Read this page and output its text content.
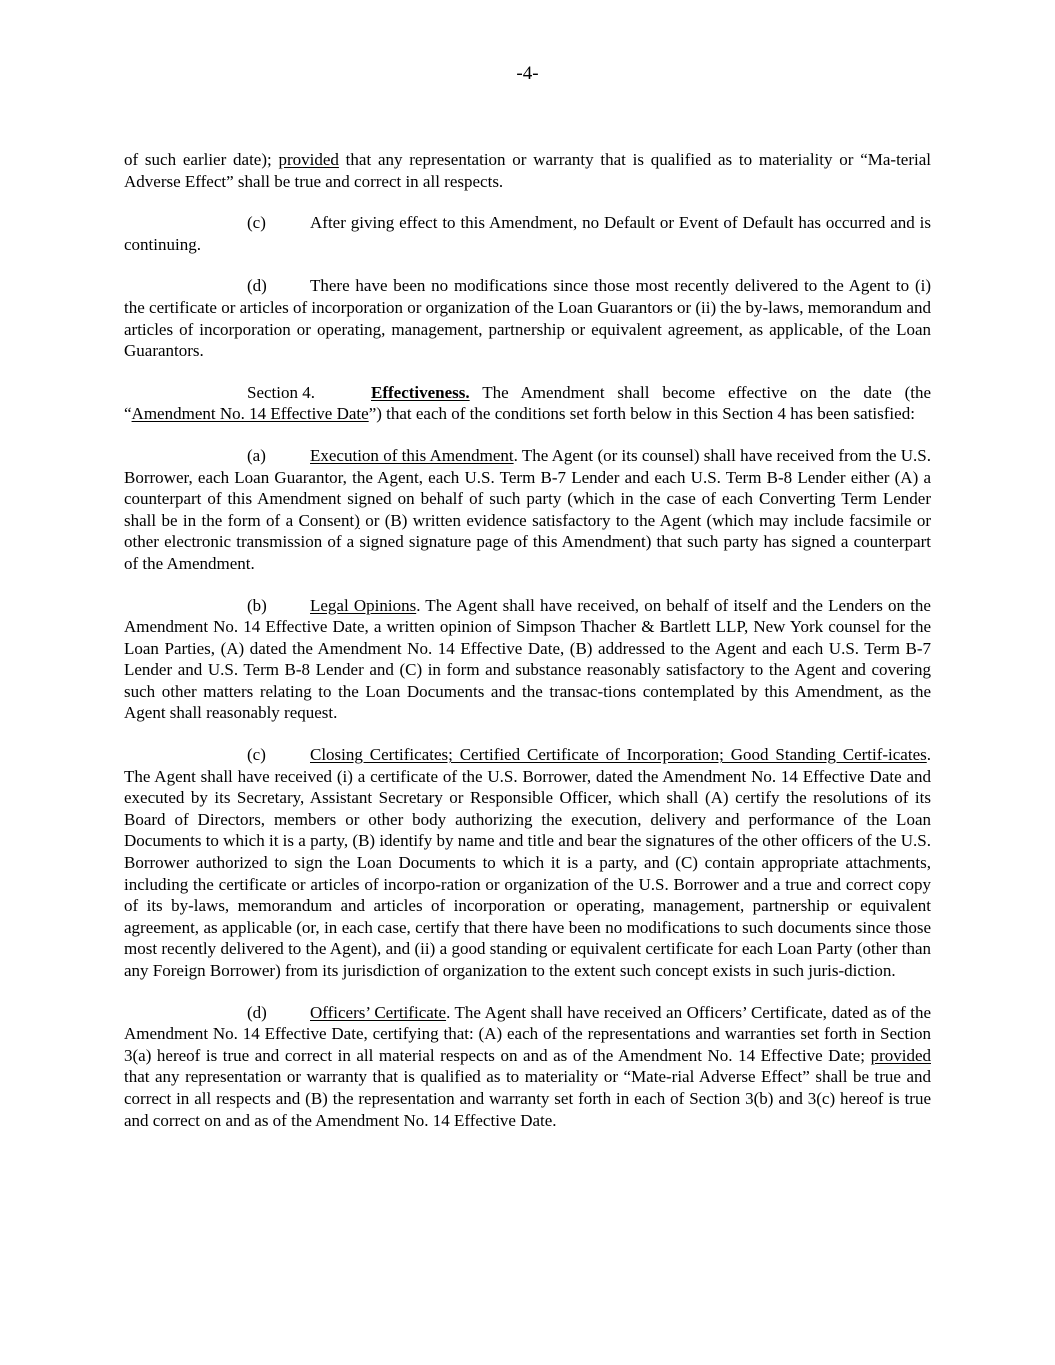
-4-

of such earlier date); provided that any representation or warranty that is qualified as to materiality or “Ma-terial Adverse Effect” shall be true and correct in all respects.

(c)	After giving effect to this Amendment, no Default or Event of Default has occurred and is continuing.

(d)	There have been no modifications since those most recently delivered to the Agent to (i) the certificate or articles of incorporation or organization of the Loan Guarantors or (ii) the by-laws, memorandum and articles of incorporation or operating, management, partnership or equivalent agreement, as applicable, of the Loan Guarantors.

Section 4.	Effectiveness. The Amendment shall become effective on the date (the “Amendment No. 14 Effective Date”) that each of the conditions set forth below in this Section 4 has been satisfied:

(a)	Execution of this Amendment. The Agent (or its counsel) shall have received from the U.S. Borrower, each Loan Guarantor, the Agent, each U.S. Term B-7 Lender and each U.S. Term B-8 Lender either (A) a counterpart of this Amendment signed on behalf of such party (which in the case of each Converting Term Lender shall be in the form of a Consent) or (B) written evidence satisfactory to the Agent (which may include facsimile or other electronic transmission of a signed signature page of this Amendment) that such party has signed a counterpart of the Amendment.

(b)	Legal Opinions. The Agent shall have received, on behalf of itself and the Lenders on the Amendment No. 14 Effective Date, a written opinion of Simpson Thacher & Bartlett LLP, New York counsel for the Loan Parties, (A) dated the Amendment No. 14 Effective Date, (B) addressed to the Agent and each U.S. Term B-7 Lender and U.S. Term B-8 Lender and (C) in form and substance reasonably satisfactory to the Agent and covering such other matters relating to the Loan Documents and the transac-tions contemplated by this Amendment, as the Agent shall reasonably request.

(c)	Closing Certificates; Certified Certificate of Incorporation; Good Standing Certif-icates. The Agent shall have received (i) a certificate of the U.S. Borrower, dated the Amendment No. 14 Effective Date and executed by its Secretary, Assistant Secretary or Responsible Officer, which shall (A) certify the resolutions of its Board of Directors, members or other body authorizing the execution, delivery and performance of the Loan Documents to which it is a party, (B) identify by name and title and bear the signatures of the other officers of the U.S. Borrower authorized to sign the Loan Documents to which it is a party, and (C) contain appropriate attachments, including the certificate or articles of incorpo-ration or organization of the U.S. Borrower and a true and correct copy of its by-laws, memorandum and articles of incorporation or operating, management, partnership or equivalent agreement, as applicable (or, in each case, certify that there have been no modifications to such documents since those most recently delivered to the Agent), and (ii) a good standing or equivalent certificate for each Loan Party (other than any Foreign Borrower) from its jurisdiction of organization to the extent such concept exists in such juris-diction.

(d)	Officers’ Certificate. The Agent shall have received an Officers’ Certificate, dated as of the Amendment No. 14 Effective Date, certifying that: (A) each of the representations and warranties set forth in Section 3(a) hereof is true and correct in all material respects on and as of the Amendment No. 14 Effective Date; provided that any representation or warranty that is qualified as to materiality or “Mate-rial Adverse Effect” shall be true and correct in all respects and (B) the representation and warranty set forth in each of Section 3(b) and 3(c) hereof is true and correct on and as of the Amendment No. 14 Effective Date.
